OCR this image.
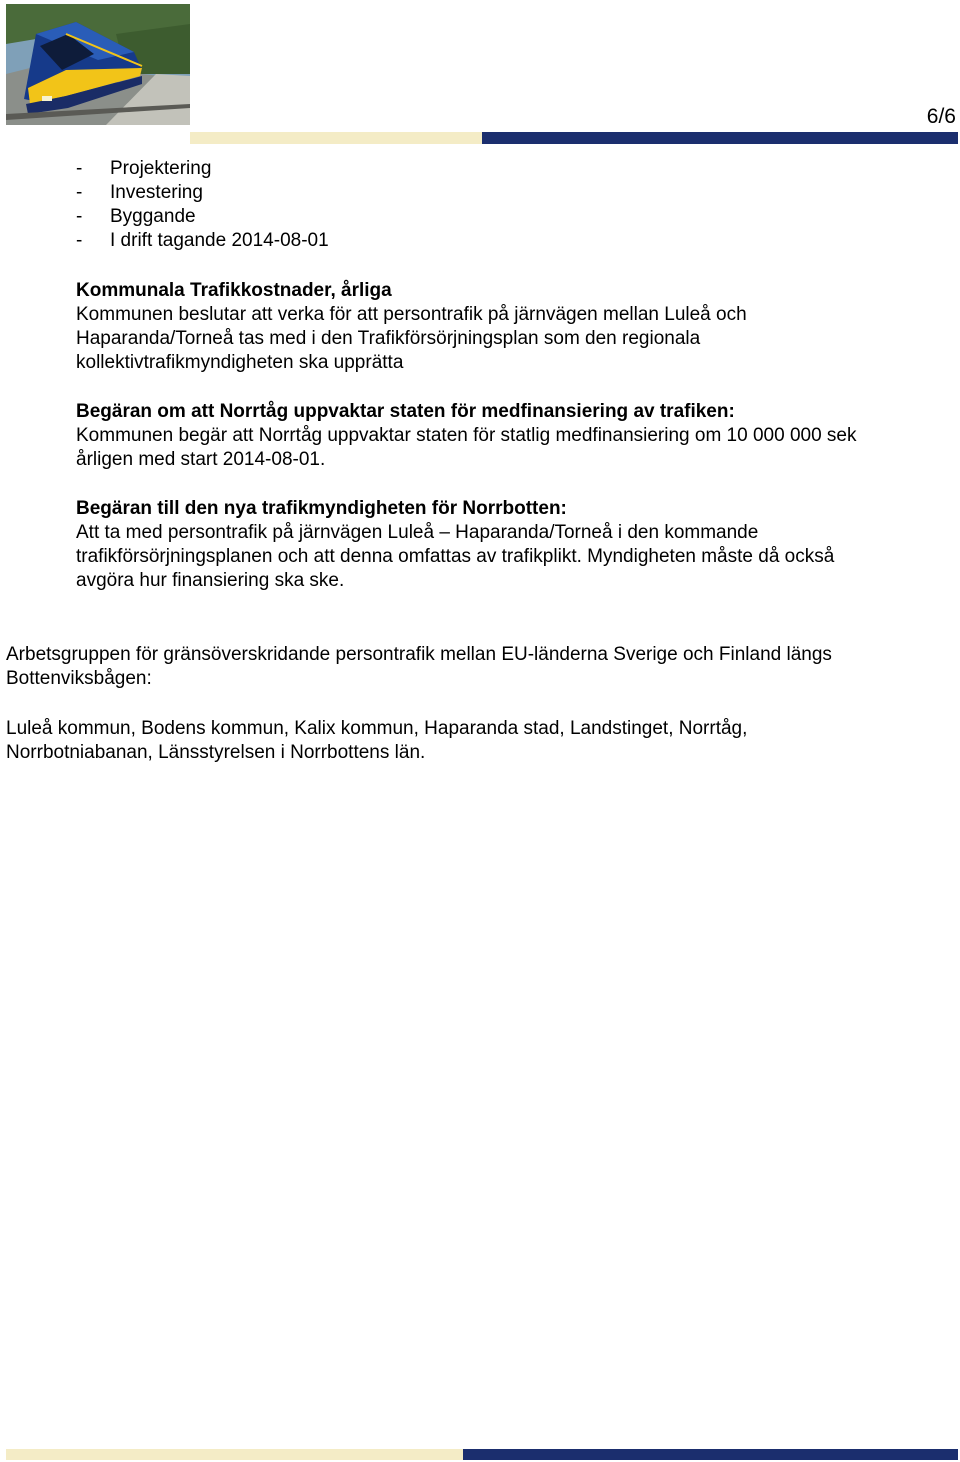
6/6
-	Projektering
-	Investering
-	Byggande
-	I drift tagande 2014-08-01

Kommunala Trafikkostnader, årliga

Kommunen beslutar att verka för att persontrafik på järnvägen mellan Luleå och

Haparanda/Torneå tas med i den Trafikförsörjningsplan som den regionala

kollektivtrafikmyndigheten ska upprätta

Begäran om att Norrtåg uppvaktar staten för medfinansiering av trafiken:

Kommunen begär att Norrtåg uppvaktar staten för statlig medfinansiering om 10 000 000 sek

årligen med start 2014-08-01.

Begäran till den nya trafikmyndigheten för Norrbotten:

Att ta med persontrafik på järnvägen Luleå – Haparanda/Torneå i den kommande

trafikförsörjningsplanen och att denna omfattas av trafikplikt. Myndigheten måste då också

avgöra hur finansiering ska ske.

Arbetsgruppen för gränsöverskridande persontrafik mellan EU-länderna Sverige och Finland längs

Bottenviksbågen:

Luleå kommun, Bodens kommun, Kalix kommun, Haparanda stad, Landstinget, Norrtåg,

Norrbotniabanan, Länsstyrelsen i Norrbottens län.
